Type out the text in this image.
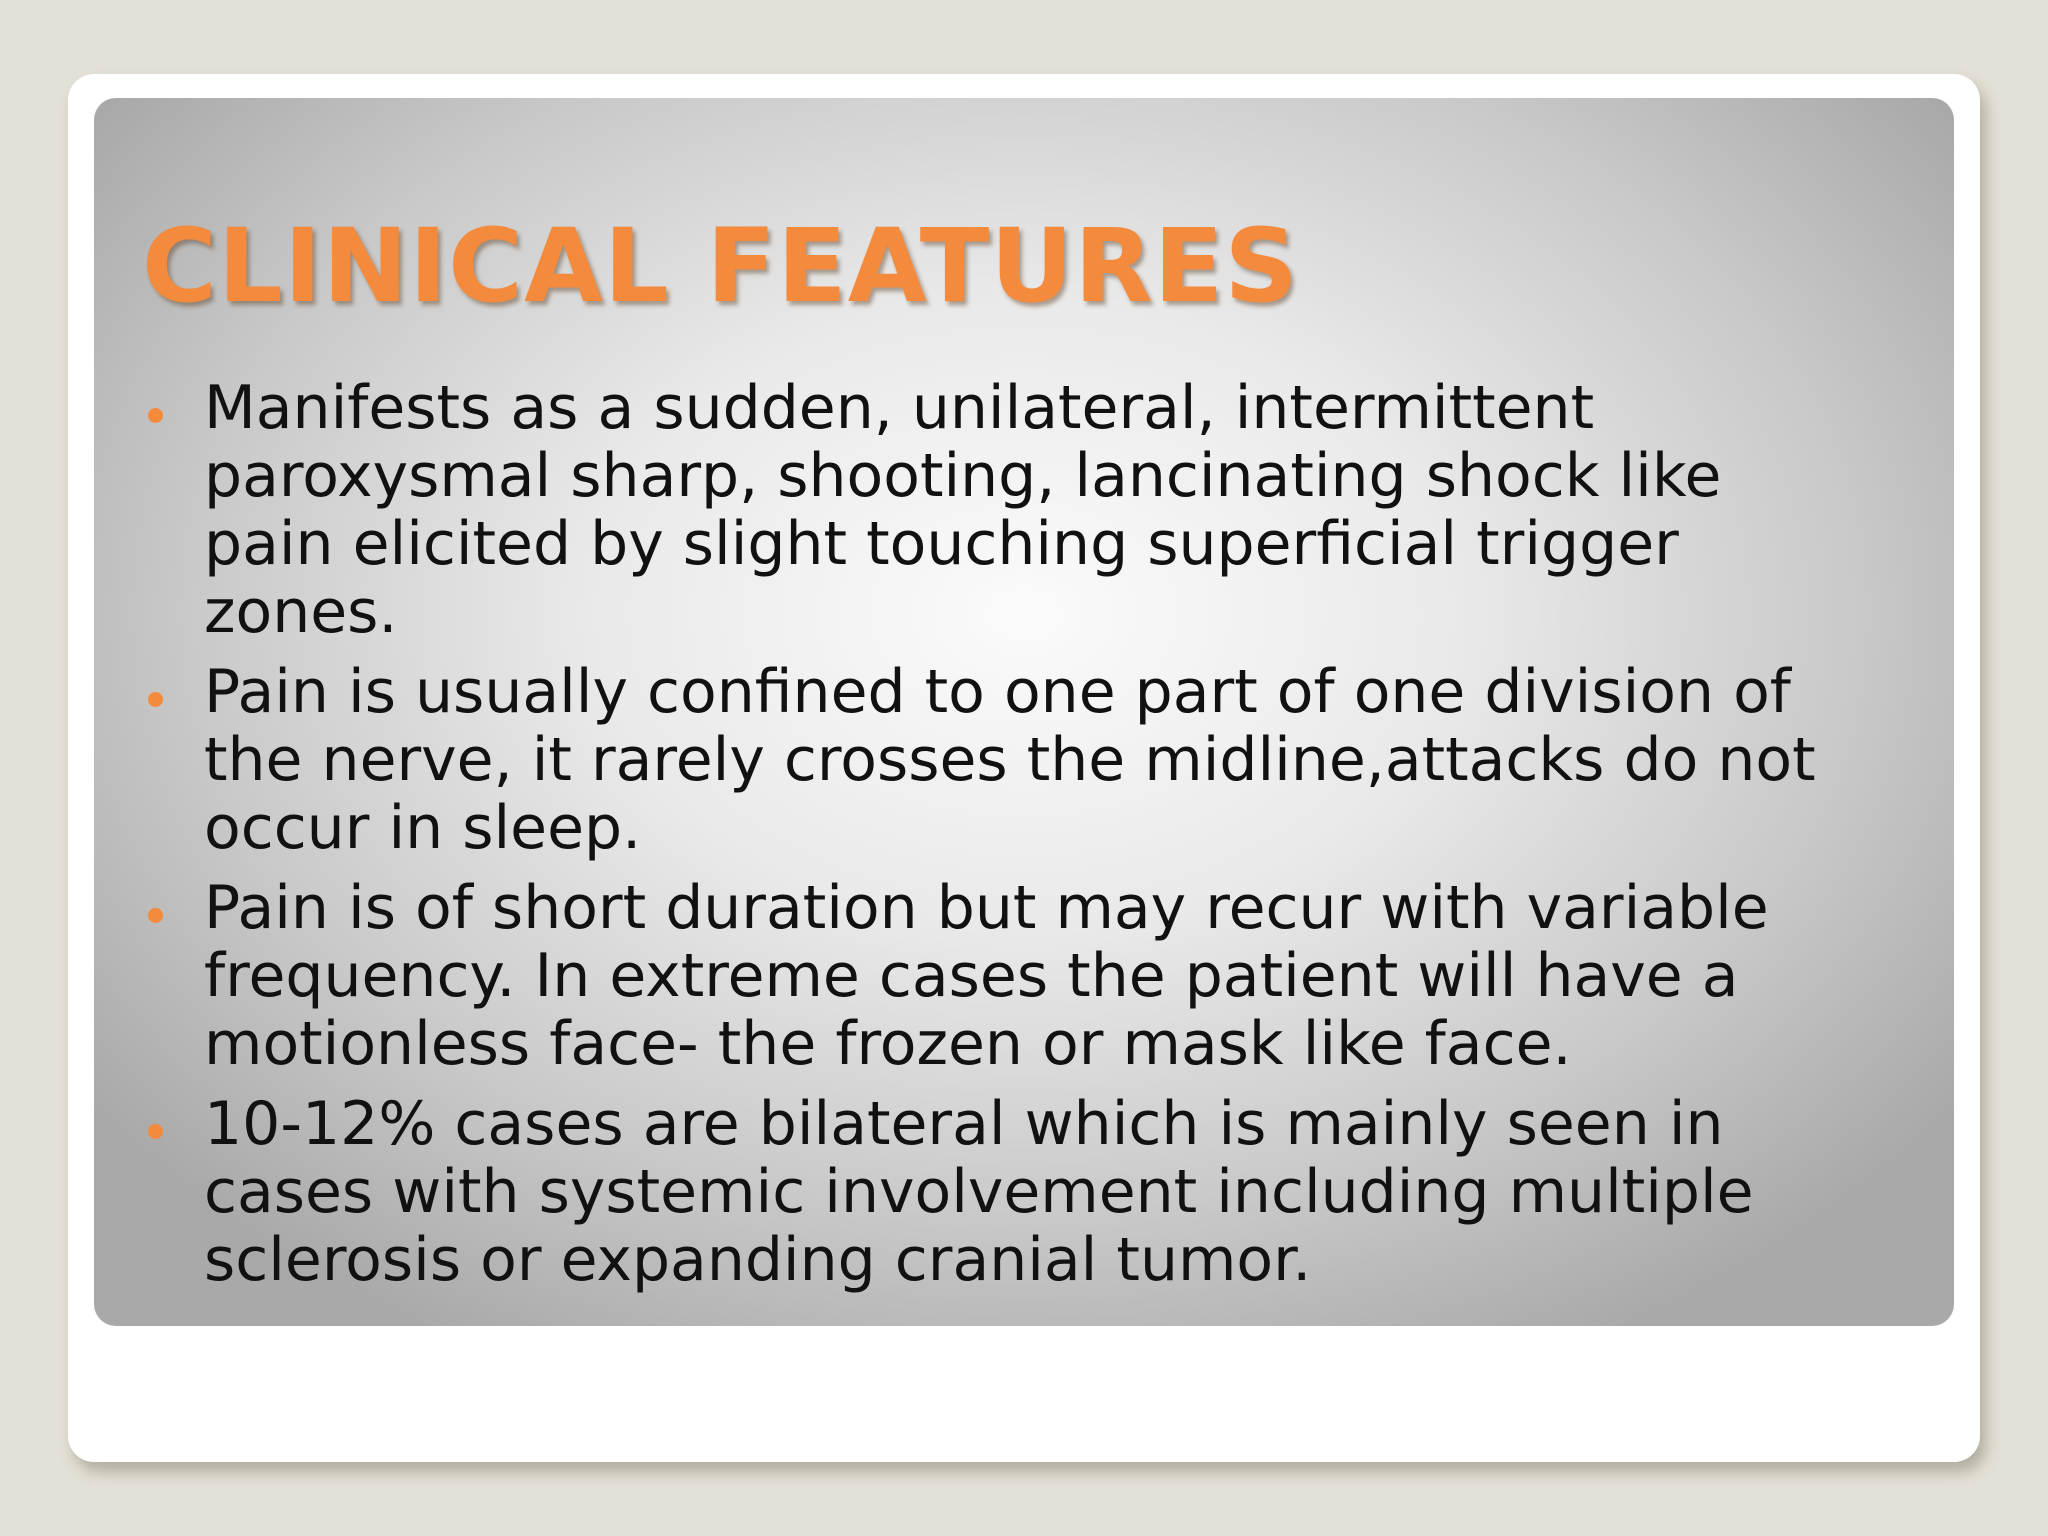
CLINICAL FEATURES
Manifests as a sudden, unilateral, intermittent
paroxysmal sharp, shooting, lancinating shock like
pain elicited by slight touching superficial trigger
zones.
Pain is usually confined to one part of one division of
the nerve, it rarely crosses the midline,attacks do not
occur in sleep.
Pain is of short duration but may recur with variable
frequency. In extreme cases the patient will have a
motionless face- the frozen or mask like face.
10-12% cases are bilateral which is mainly seen in
cases with systemic involvement including multiple
sclerosis or expanding cranial tumor.
